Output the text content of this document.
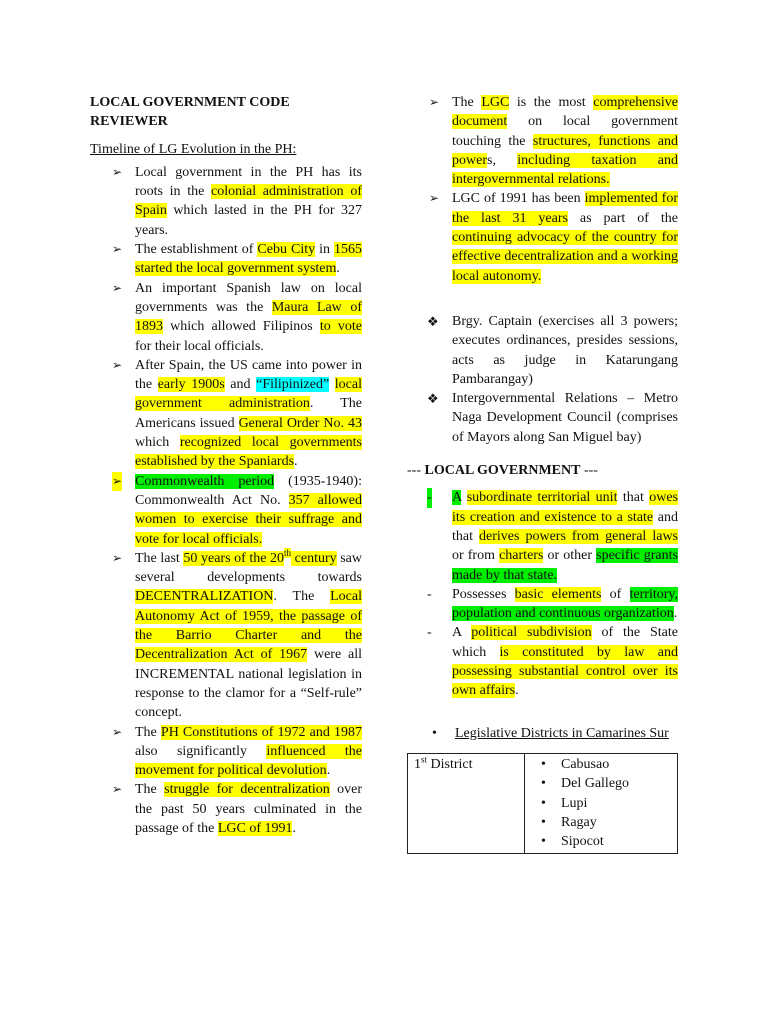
LOCAL GOVERNMENT CODE REVIEWER

Timeline of LG Evolution in the PH:

➢ Local government in the PH has its roots in the colonial administration of Spain which lasted in the PH for 327 years.
➢ The establishment of Cebu City in 1565 started the local government system.
➢ An important Spanish law on local governments was the Maura Law of 1893 which allowed Filipinos to vote for their local officials.
➢ After Spain, the US came into power in the early 1900s and “Filipinized” local government administration. The Americans issued General Order No. 43 which recognized local governments established by the Spaniards.
➢ Commonwealth period (1935-1940): Commonwealth Act No. 357 allowed women to exercise their suffrage and vote for local officials.
➢ The last 50 years of the 20th century saw several developments towards DECENTRALIZATION. The Local Autonomy Act of 1959, the passage of the Barrio Charter and the Decentralization Act of 1967 were all INCREMENTAL national legislation in response to the clamor for a “Self-rule” concept.
➢ The PH Constitutions of 1972 and 1987 also significantly influenced the movement for political devolution.
➢ The struggle for decentralization over the past 50 years culminated in the passage of the LGC of 1991.
➢ The LGC is the most comprehensive document on local government touching the structures, functions and powers, including taxation and intergovernmental relations.
➢ LGC of 1991 has been implemented for the last 31 years as part of the continuing advocacy of the country for effective decentralization and a working local autonomy.
❖ Brgy. Captain (exercises all 3 powers; executes ordinances, presides sessions, acts as judge in Katarungang Pambarangay)
❖ Intergovernmental Relations – Metro Naga Development Council (comprises of Mayors along San Miguel bay)

--- LOCAL GOVERNMENT ---

- A subordinate territorial unit that owes its creation and existence to a state and that derives powers from general laws or from charters or other specific grants made by that state.
- Possesses basic elements of territory, population and continuous organization.
- A political subdivision of the State which is constituted by law and possessing substantial control over its own affairs.
• Legislative Districts in Camarines Sur
1st District	
•Cabusao
• Del Gallego
• Lupi
• Ragay
• Sipocot
